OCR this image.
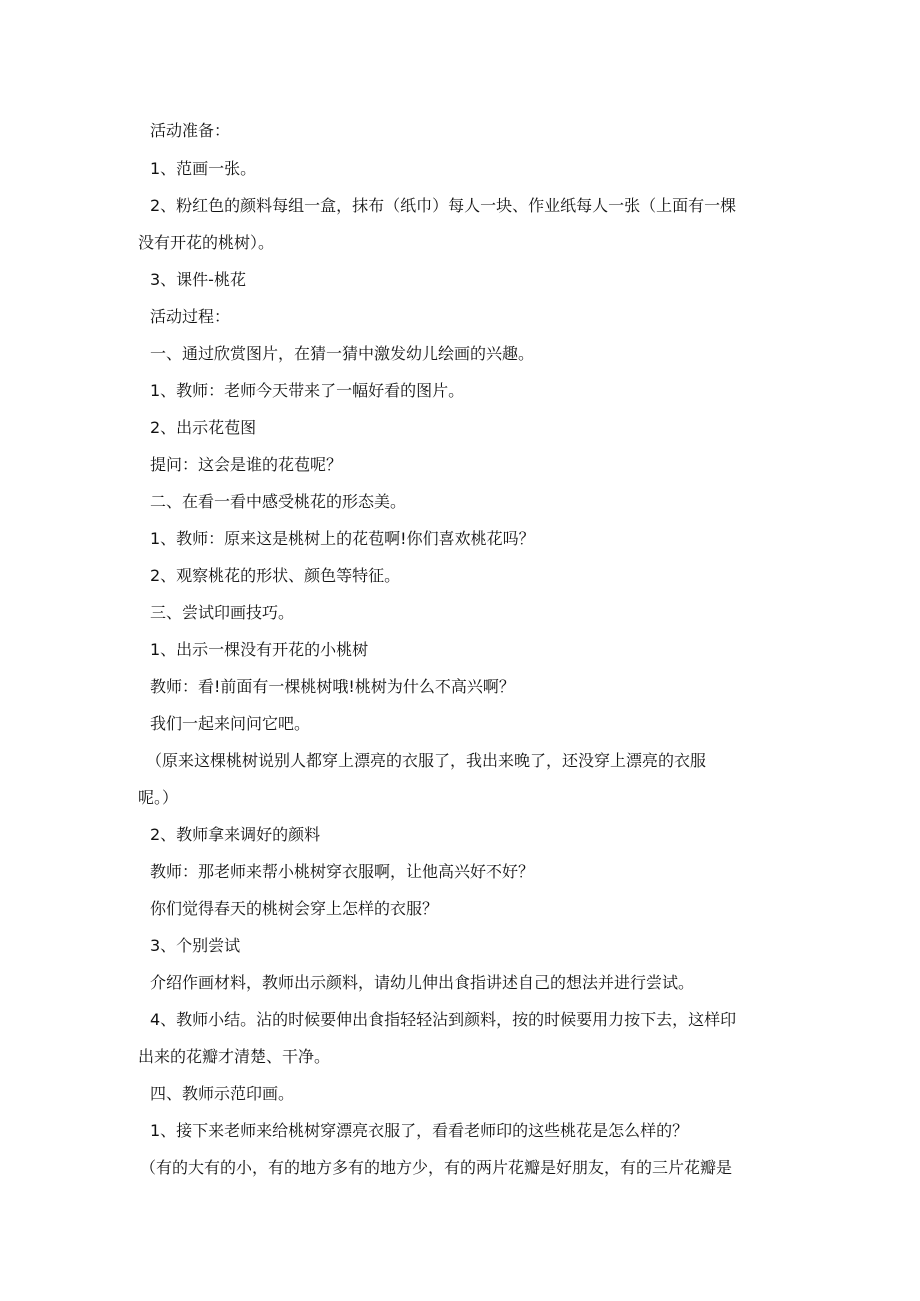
活动准备：

1、范画一张。

2、粉红色的颜料每组一盒，抹布（纸巾）每人一块、作业纸每人一张（上面有一棵

没有开花的桃树）。

3、课件-桃花

活动过程：

一、通过欣赏图片，在猜一猜中激发幼儿绘画的兴趣。

1、教师：老师今天带来了一幅好看的图片。

2、出示花苞图

提问：这会是谁的花苞呢？

二、在看一看中感受桃花的形态美。

1、教师：原来这是桃树上的花苞啊!你们喜欢桃花吗？

2、观察桃花的形状、颜色等特征。

三、尝试印画技巧。

1、出示一棵没有开花的小桃树

教师：看!前面有一棵桃树哦!桃树为什么不高兴啊？

我们一起来问问它吧。

（原来这棵桃树说别人都穿上漂亮的衣服了，我出来晚了，还没穿上漂亮的衣服

呢。）

2、教师拿来调好的颜料

教师：那老师来帮小桃树穿衣服啊，让他高兴好不好？

你们觉得春天的桃树会穿上怎样的衣服？

3、个别尝试

介绍作画材料，教师出示颜料，请幼儿伸出食指讲述自己的想法并进行尝试。

4、教师小结。沾的时候要伸出食指轻轻沾到颜料，按的时候要用力按下去，这样印

出来的花瓣才清楚、干净。

四、教师示范印画。

1、接下来老师来给桃树穿漂亮衣服了，看看老师印的这些桃花是怎么样的？

（有的大有的小，有的地方多有的地方少，有的两片花瓣是好朋友，有的三片花瓣是
